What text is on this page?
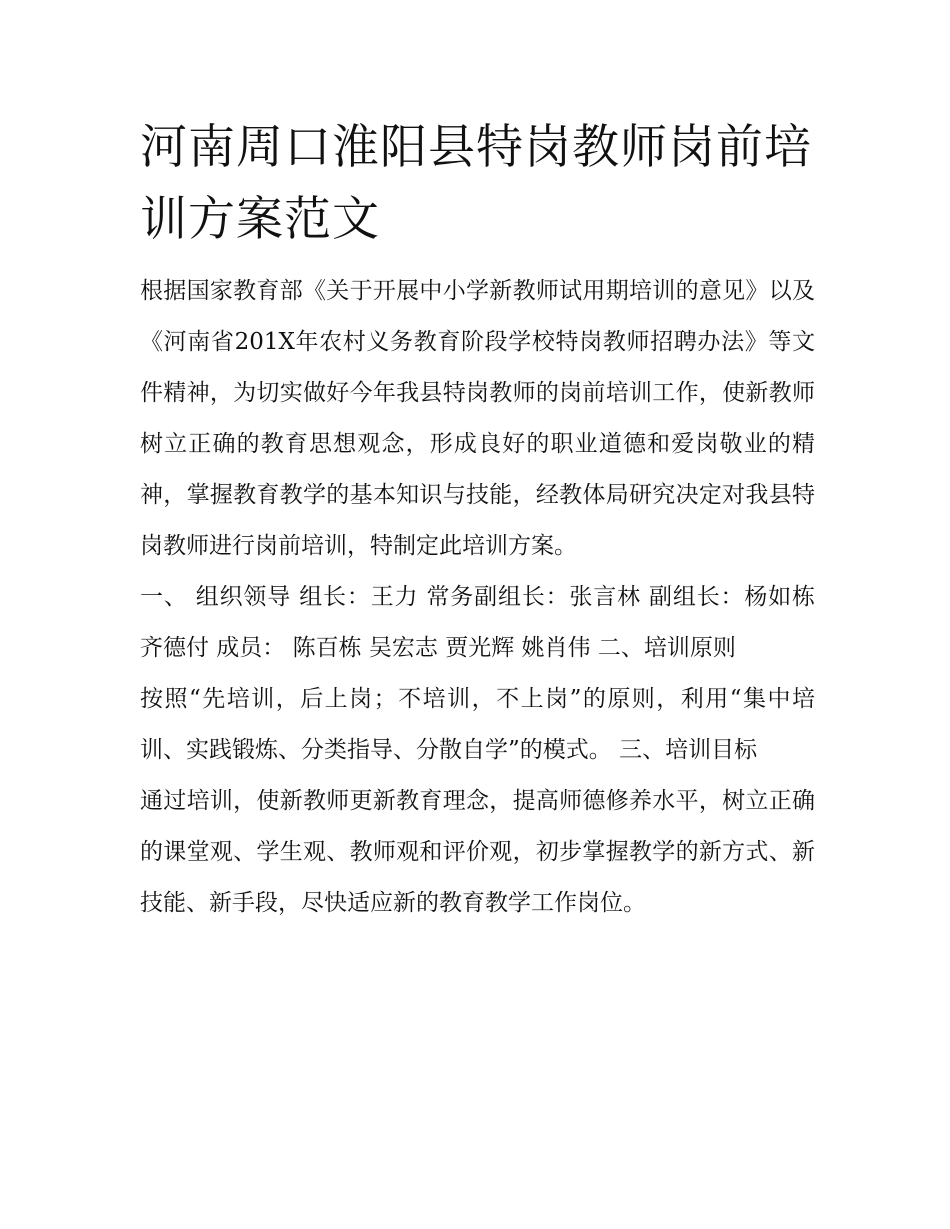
河南周口淮阳县特岗教师岗前培训方案范文

根据国家教育部《关于开展中小学新教师试用期培训的意见》以及《河南省201X年农村义务教育阶段学校特岗教师招聘办法》等文件精神，为切实做好今年我县特岗教师的岗前培训工作，使新教师树立正确的教育思想观念，形成良好的职业道德和爱岗敬业的精神，掌握教育教学的基本知识与技能，经教体局研究决定对我县特岗教师进行岗前培训，特制定此培训方案。

一、 组织领导 组长：王力 常务副组长：张言林 副组长：杨如栋 齐德付 成员： 陈百栋 吴宏志 贾光辉 姚肖伟 二、培训原则

按照“先培训，后上岗；不培训，不上岗”的原则，利用“集中培训、实践锻炼、分类指导、分散自学”的模式。 三、培训目标

通过培训，使新教师更新教育理念，提高师德修养水平，树立正确的课堂观、学生观、教师观和评价观，初步掌握教学的新方式、新技能、新手段，尽快适应新的教育教学工作岗位。
